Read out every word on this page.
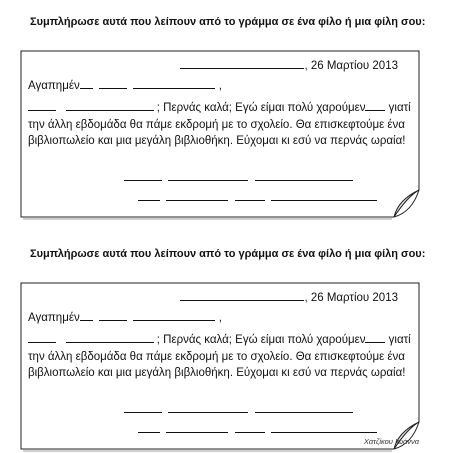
Συμπλήρωσε αυτά που λείπουν από το γράμμα σε ένα φίλο ή μια φίλη σου:
, 26 Μαρτίου 2013
Αγαπημέν	,
; Περνάς καλά; Εγώ είμαι πολύ χαρούμεν γιατί την άλλη εβδομάδα θα πάμε εκδρομή με το σχολείο. Θα επισκεφτούμε ένα βιβλιοπωλείο και μια μεγάλη βιβλιοθήκη. Εύχομαι κι εσύ να περνάς ωραία!

Συμπλήρωσε αυτά που λείπουν από το γράμμα σε ένα φίλο ή μια φίλη σου:
, 26 Μαρτίου 2013
Αγαπημέν	,
; Περνάς καλά; Εγώ είμαι πολύ χαρούμεν γιατί την άλλη εβδομάδα θα πάμε εκδρομή με το σχολείο. Θα επισκεφτούμε ένα βιβλιοπωλείο και μια μεγάλη βιβλιοθήκη. Εύχομαι κι εσύ να περνάς ωραία!

Χατζίκου Ιωάννα
